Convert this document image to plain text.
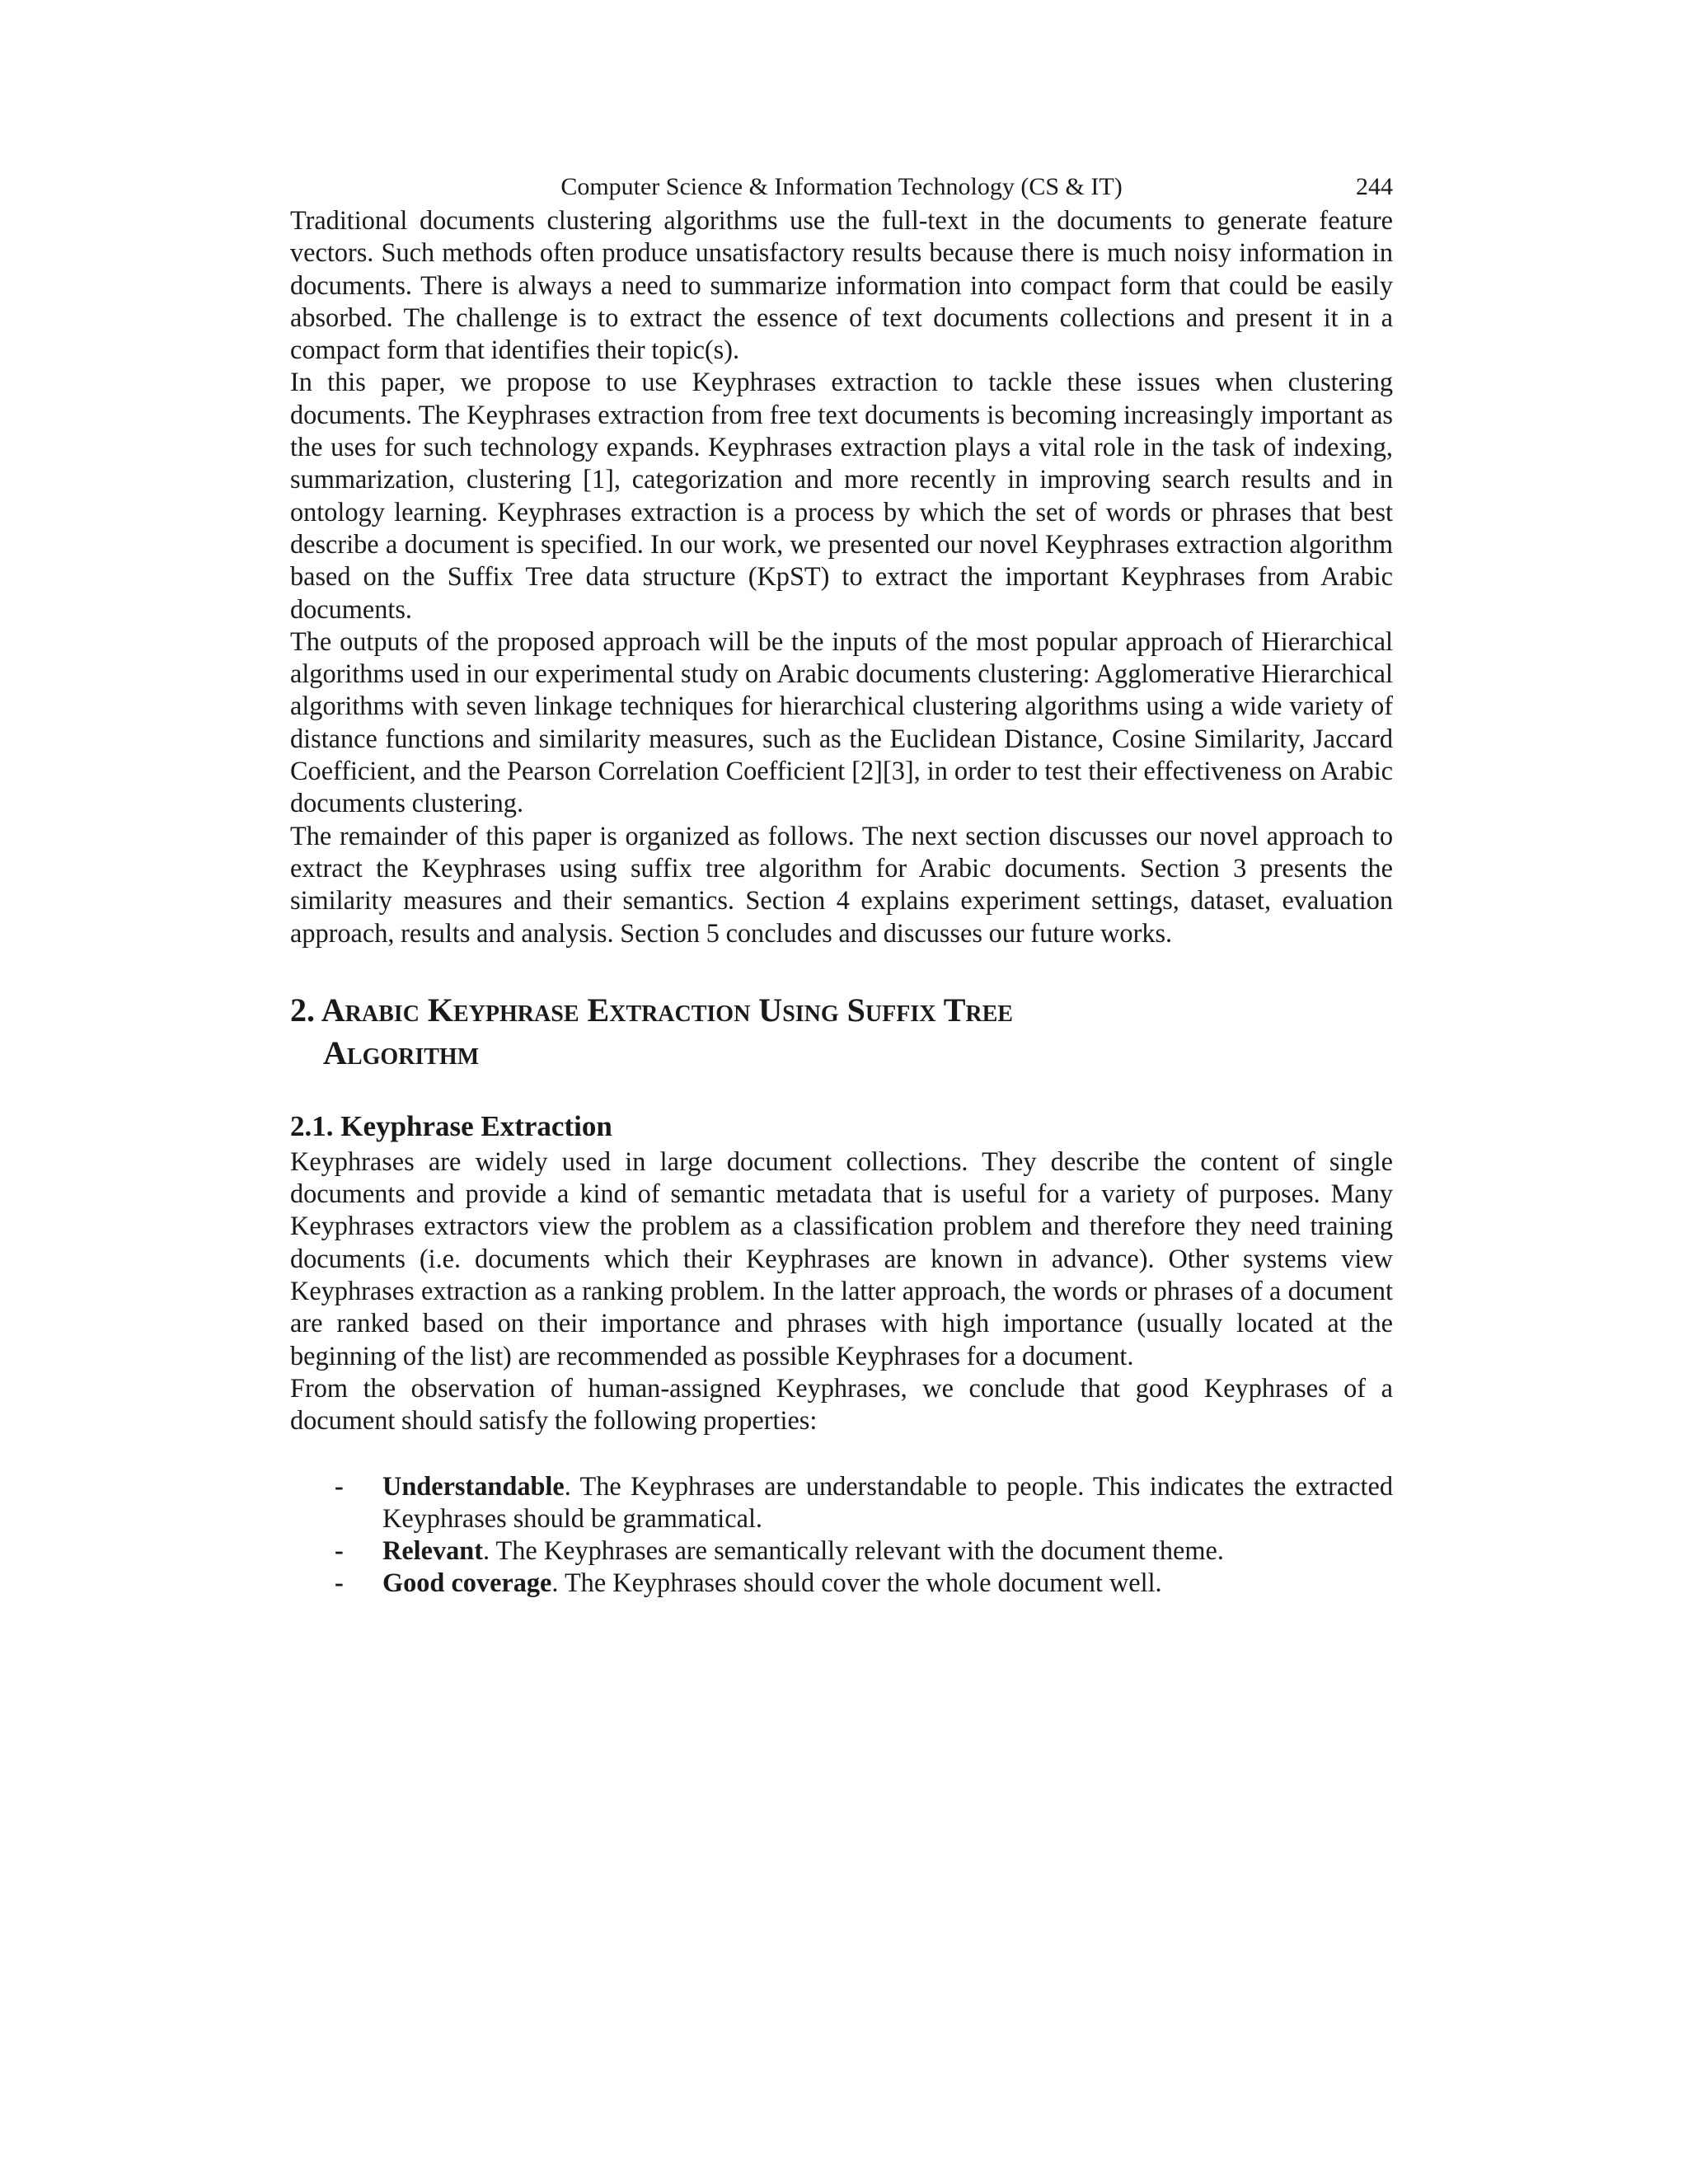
Computer Science & Information Technology (CS & IT)	244

Traditional documents clustering algorithms use the full-text in the documents to generate feature vectors. Such methods often produce unsatisfactory results because there is much noisy information in documents. There is always a need to summarize information into compact form that could be easily absorbed. The challenge is to extract the essence of text documents collections and present it in a compact form that identifies their topic(s).

In this paper, we propose to use Keyphrases extraction to tackle these issues when clustering documents. The Keyphrases extraction from free text documents is becoming increasingly important as the uses for such technology expands. Keyphrases extraction plays a vital role in the task of indexing, summarization, clustering [1], categorization and more recently in improving search results and in ontology learning. Keyphrases extraction is a process by which the set of words or phrases that best describe a document is specified. In our work, we presented our novel Keyphrases extraction algorithm based on the Suffix Tree data structure (KpST) to extract the important Keyphrases from Arabic documents.

The outputs of the proposed approach will be the inputs of the most popular approach of Hierarchical algorithms used in our experimental study on Arabic documents clustering: Agglomerative Hierarchical algorithms with seven linkage techniques for hierarchical clustering algorithms using a wide variety of distance functions and similarity measures, such as the Euclidean Distance, Cosine Similarity, Jaccard Coefficient, and the Pearson Correlation Coefficient [2][3], in order to test their effectiveness on Arabic documents clustering.

The remainder of this paper is organized as follows. The next section discusses our novel approach to extract the Keyphrases using suffix tree algorithm for Arabic documents. Section 3 presents the similarity measures and their semantics. Section 4 explains experiment settings, dataset, evaluation approach, results and analysis. Section 5 concludes and discusses our future works.

2. Arabic Keyphrase Extraction Using Suffix Tree
Algorithm
2.1. Keyphrase Extraction

Keyphrases are widely used in large document collections. They describe the content of single documents and provide a kind of semantic metadata that is useful for a variety of purposes. Many Keyphrases extractors view the problem as a classification problem and therefore they need training documents (i.e. documents which their Keyphrases are known in advance). Other systems view Keyphrases extraction as a ranking problem. In the latter approach, the words or phrases of a document are ranked based on their importance and phrases with high importance (usually located at the beginning of the list) are recommended as possible Keyphrases for a document.

From the observation of human-assigned Keyphrases, we conclude that good Keyphrases of a document should satisfy the following properties:

- Understandable. The Keyphrases are understandable to people. This indicates the extracted Keyphrases should be grammatical.
- Relevant. The Keyphrases are semantically relevant with the document theme.
- Good coverage. The Keyphrases should cover the whole document well.
